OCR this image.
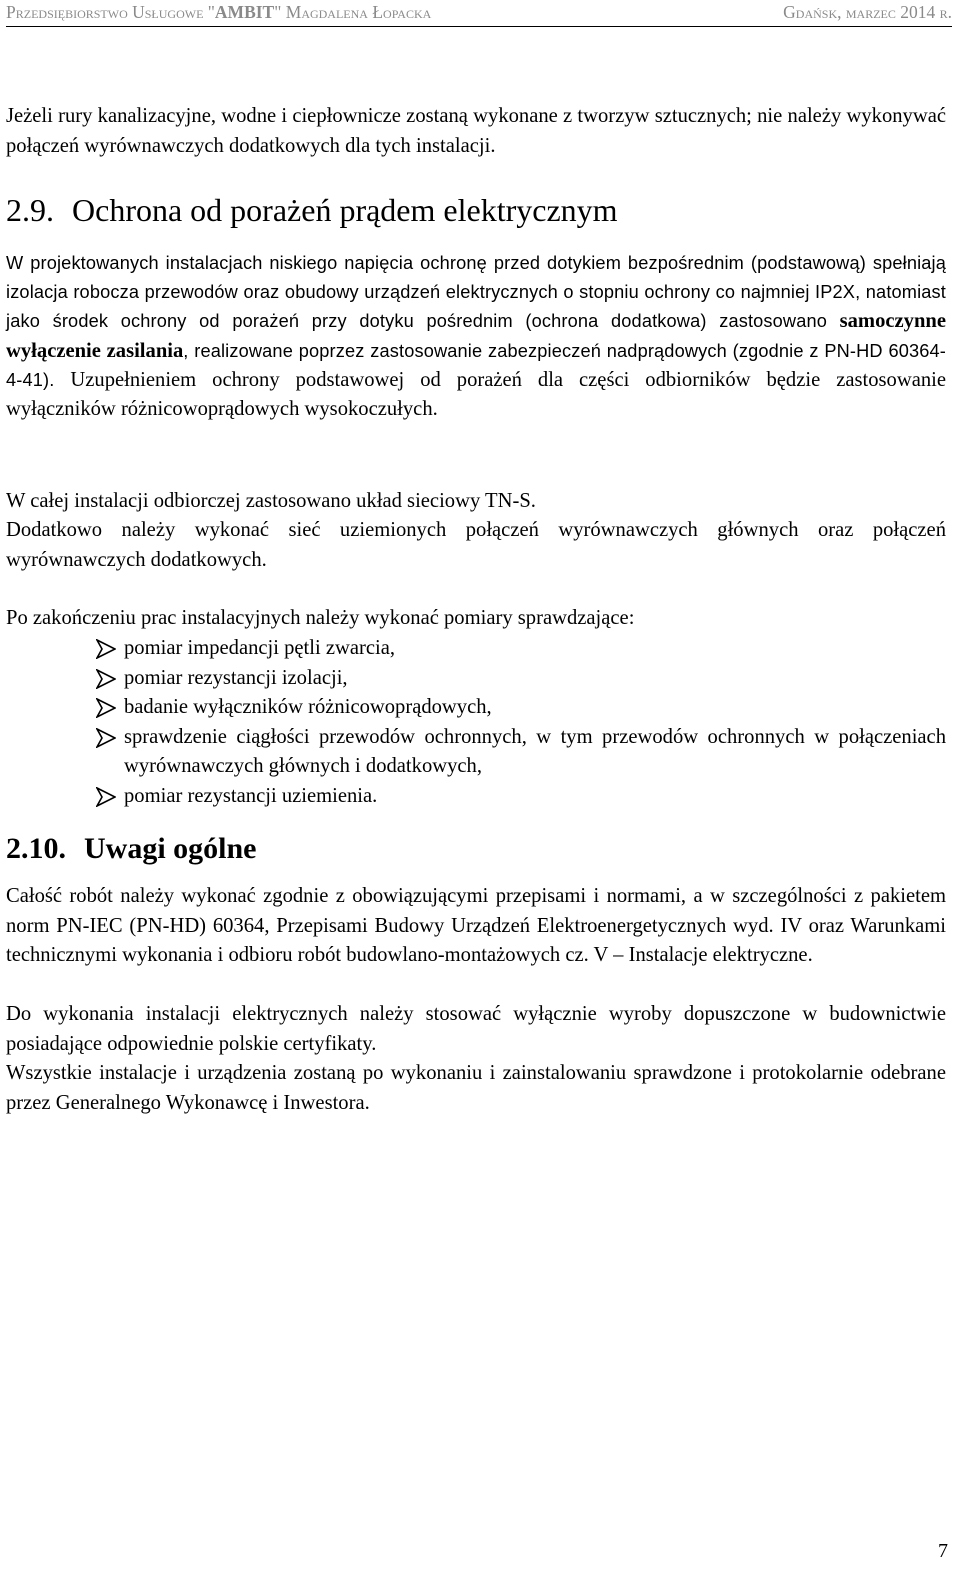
Przedsiębiorstwo Usługowe "AMBIT" Magdalena Łopacka	Gdańsk, marzec 2014 r.
Jeżeli rury kanalizacyjne, wodne i ciepłownicze zostaną wykonane z tworzyw sztucznych; nie należy wykonywać połączeń wyrównawczych dodatkowych dla tych instalacji.
2.9. Ochrona od porażeń prądem elektrycznym
W projektowanych instalacjach niskiego napięcia ochronę przed dotykiem bezpośrednim (podstawową) spełniają izolacja robocza przewodów oraz obudowy urządzeń elektrycznych o stopniu ochrony co najmniej IP2X, natomiast jako środek ochrony od porażeń przy dotyku pośrednim (ochrona dodatkowa) zastosowano samoczynne wyłączenie zasilania, realizowane poprzez zastosowanie zabezpieczeń nadprądowych (zgodnie z PN-HD 60364-4-41). Uzupełnieniem ochrony podstawowej od porażeń dla części odbiorników będzie zastosowanie wyłączników różnicowoprądowych wysokoczułych.
W całej instalacji odbiorczej zastosowano układ sieciowy TN-S.
Dodatkowo należy wykonać sieć uziemionych połączeń wyrównawczych głównych oraz połączeń wyrównawczych dodatkowych.
Po zakończeniu prac instalacyjnych należy wykonać pomiary sprawdzające:
pomiar impedancji pętli zwarcia,
pomiar rezystancji izolacji,
badanie wyłączników różnicowoprądowych,
sprawdzenie ciągłości przewodów ochronnych, w tym przewodów ochronnych w połączeniach wyrównawczych głównych i dodatkowych,
pomiar rezystancji uziemienia.
2.10. Uwagi ogólne
Całość robót należy wykonać zgodnie z obowiązującymi przepisami i normami, a w szczególności z pakietem norm PN-IEC (PN-HD) 60364, Przepisami Budowy Urządzeń Elektroenergetycznych wyd. IV oraz Warunkami technicznymi wykonania i odbioru robót budowlano-montażowych cz. V – Instalacje elektryczne.
Do wykonania instalacji elektrycznych należy stosować wyłącznie wyroby dopuszczone w budownictwie posiadające odpowiednie polskie certyfikaty.
Wszystkie instalacje i urządzenia zostaną po wykonaniu i zainstalowaniu sprawdzone i protokolarnie odebrane przez Generalnego Wykonawcę i Inwestora.
7
